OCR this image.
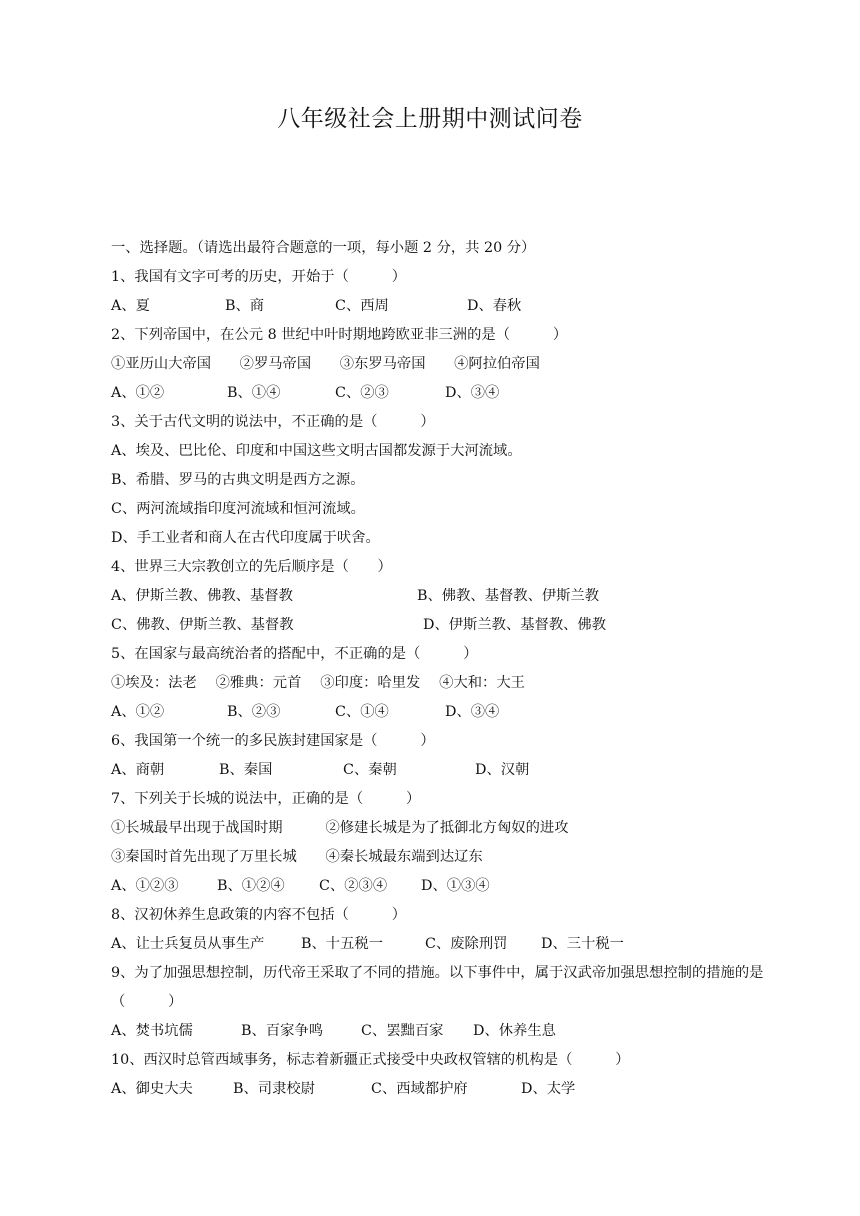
八年级社会上册期中测试问卷
一、选择题。（请选出最符合题意的一项，每小题 2 分，共 20 分）
1、我国有文字可考的历史，开始于（　　　）
A、夏	B、商	C、西周	D、春秋
2、下列帝国中，在公元 8 世纪中叶时期地跨欧亚非三洲的是（　　　）
①亚历山大帝国　　②罗马帝国　　③东罗马帝国　　④阿拉伯帝国
A、①②	B、①④	C、②③	D、③④
3、关于古代文明的说法中，不正确的是（　　　）
A、埃及、巴比伦、印度和中国这些文明古国都发源于大河流域。
B、希腊、罗马的古典文明是西方之源。
C、两河流域指印度河流域和恒河流域。
D、手工业者和商人在古代印度属于吠舍。
4、世界三大宗教创立的先后顺序是（　　）
A、伊斯兰教、佛教、基督教	B、佛教、基督教、伊斯兰教
C、佛教、伊斯兰教、基督教	D、伊斯兰教、基督教、佛教
5、在国家与最高统治者的搭配中，不正确的是（　　　）
①埃及：法老　 ②雅典：元首　 ③印度：哈里发　 ④大和：大王
A、①②	B、②③	C、①④	D、③④
6、我国第一个统一的多民族封建国家是（　　　）
A、商朝	B、秦国	C、秦朝	D、汉朝
7、下列关于长城的说法中，正确的是（　　　）
①长城最早出现于战国时期　　　②修建长城是为了抵御北方匈奴的进攻
③秦国时首先出现了万里长城　　④秦长城最东端到达辽东
A、①②③	B、①②④ C、②③④ D、①③④
8、汉初休养生息政策的内容不包括（　　　）
A、让士兵复员从事生产	B、十五税一	C、废除刑罚 D、三十税一
9、为了加强思想控制，历代帝王采取了不同的措施。以下事件中，属于汉武帝加强思想控制的措施的是（　　　）
A、焚书坑儒	B、百家争鸣	C、罢黜百家 D、休养生息
10、西汉时总管西域事务，标志着新疆正式接受中央政权管辖的机构是（　　　）
A、御史大夫	B、司隶校尉	C、西域都护府	D、太学
